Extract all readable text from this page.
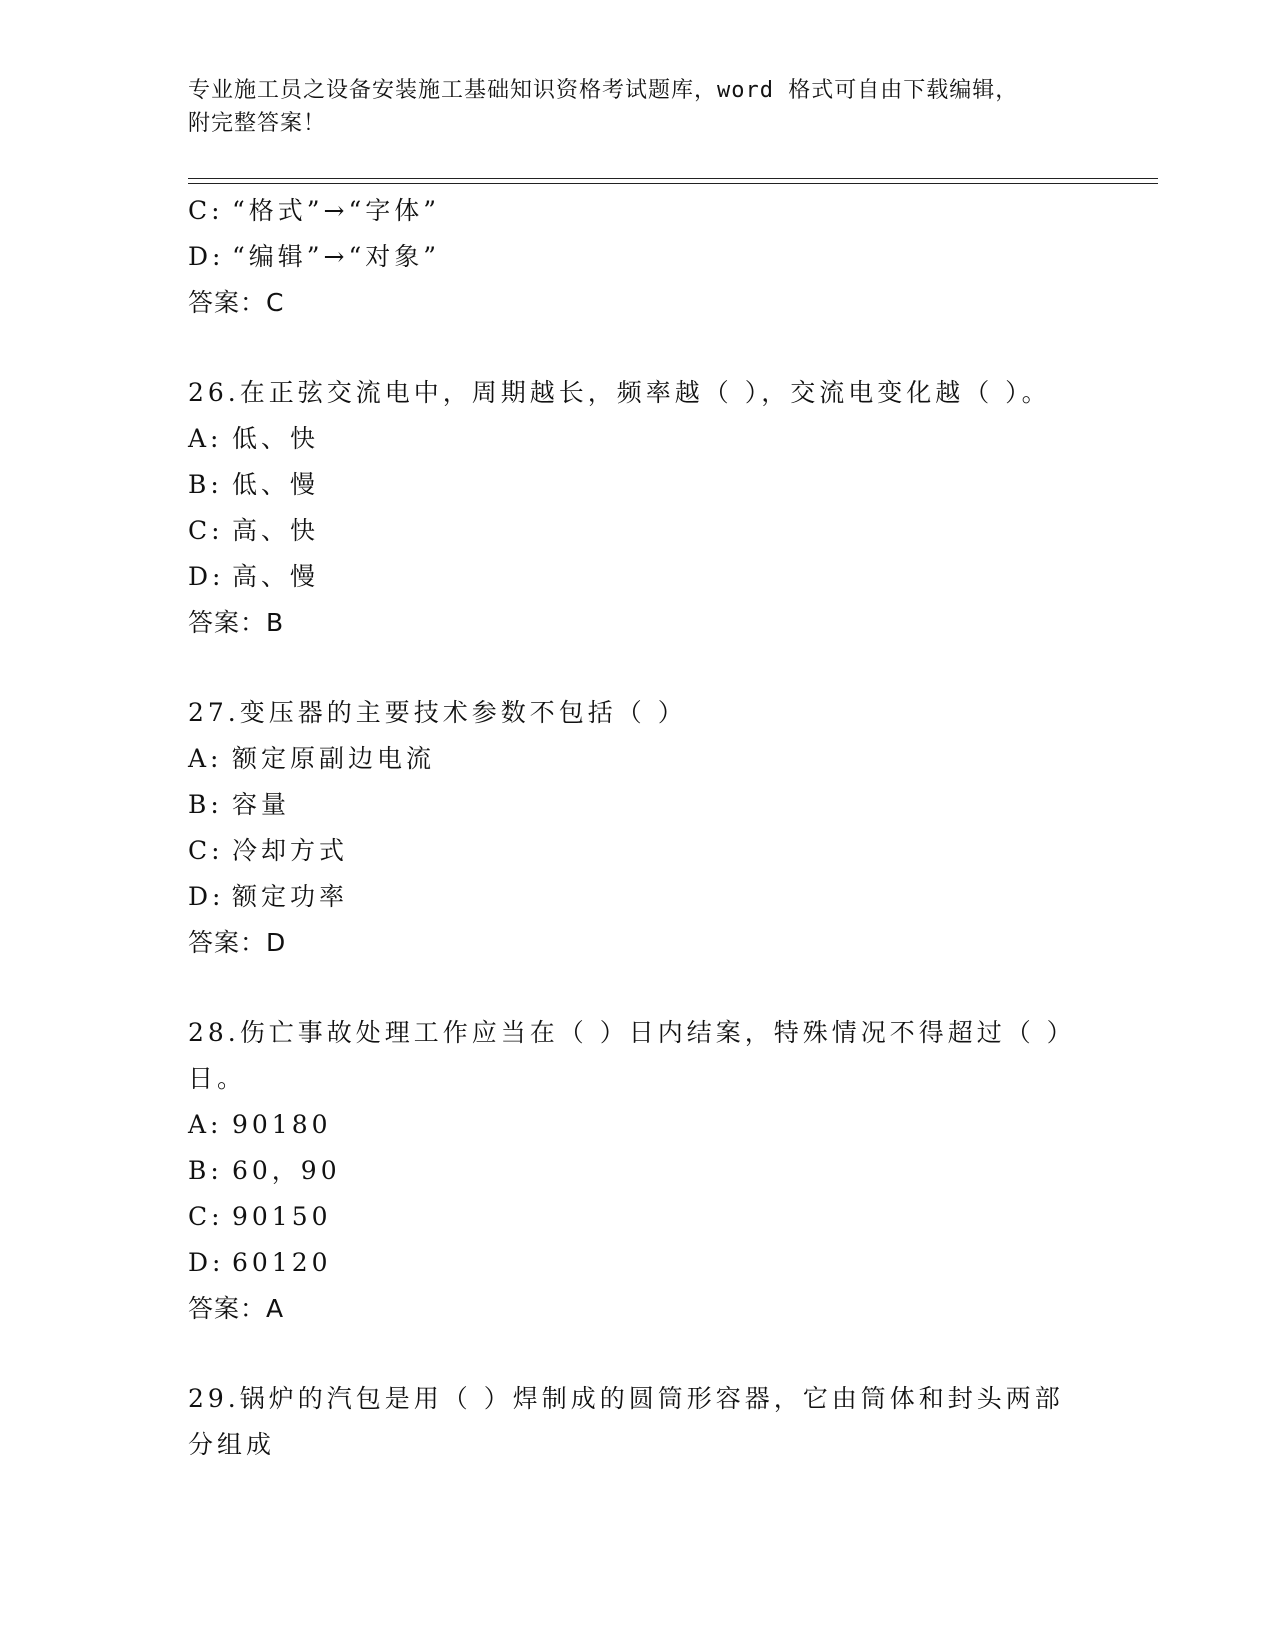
专业施工员之设备安装施工基础知识资格考试题库，word 格式可自由下载编辑，
附完整答案！
C: “格式”→“字体”
D: “编辑”→“对象”
答案：C
26.在正弦交流电中，周期越长，频率越（ ），交流电变化越（ ）。
A: 低、快
B: 低、慢
C: 高、快
D: 高、慢
答案：B
27.变压器的主要技术参数不包括（ ）
A: 额定原副边电流
B: 容量
C: 冷却方式
D: 额定功率
答案：D
28.伤亡事故处理工作应当在（ ）日内结案，特殊情况不得超过（ ）
日。
A: 90180
B: 60，90
C: 90150
D: 60120
答案：A
29.锅炉的汽包是用（ ）焊制成的圆筒形容器，它由筒体和封头两部
分组成
